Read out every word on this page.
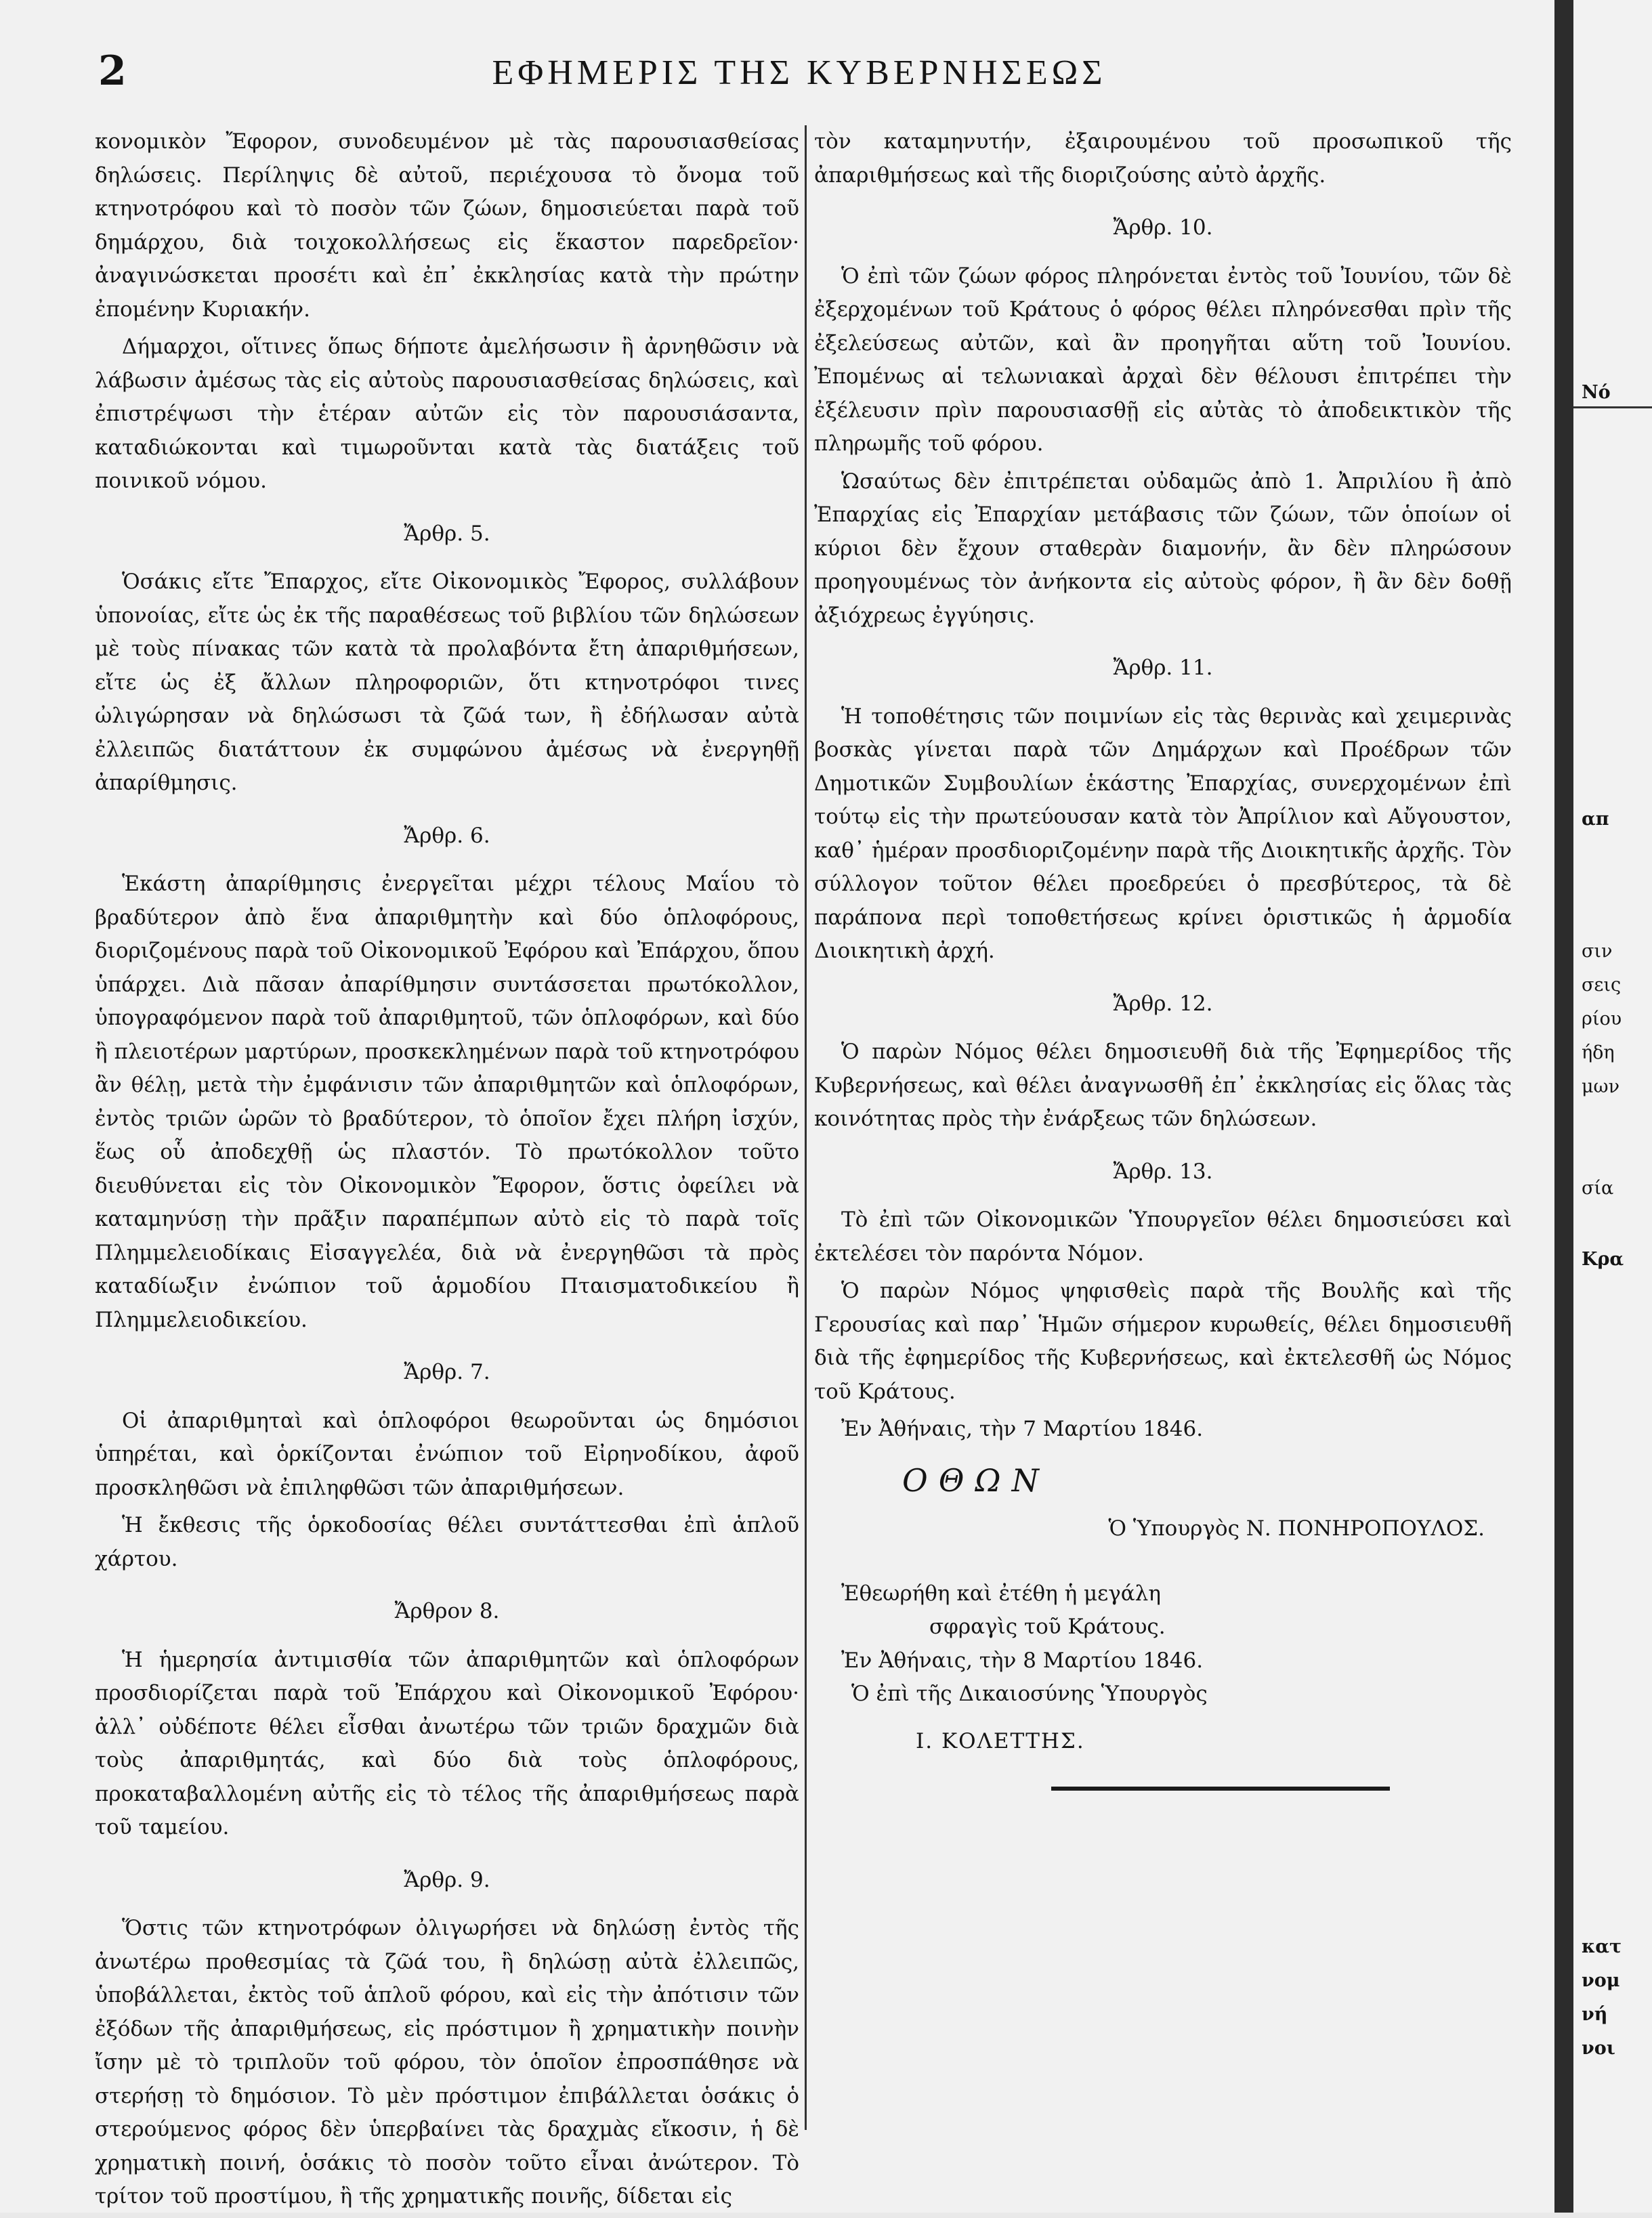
2	ΕΦΗΜΕΡΙΣ ΤΗΣ ΚΥΒΕΡΝΗΣΕΩΣ

κονομικὸν Ἔφορον, συνοδευμένον μὲ τὰς παρουσιασθείσας δηλώσεις. Περίληψις δὲ αὐτοῦ, περιέχουσα τὸ ὄνομα τοῦ κτηνοτρόφου καὶ τὸ ποσὸν τῶν ζώων, δημοσιεύεται παρὰ τοῦ δημάρχου, διὰ τοιχοκολλήσεως εἰς ἕκαστον παρεδρεῖον· ἀναγινώσκεται προσέτι καὶ ἐπ᾽ ἐκκλησίας κατὰ τὴν πρώτην ἐπομένην Κυριακήν.

Δήμαρχοι, οἵτινες ὅπως δήποτε ἀμελήσωσιν ἢ ἀρνηθῶσιν νὰ λάβωσιν ἀμέσως τὰς εἰς αὐτοὺς παρουσιασθείσας δηλώσεις, καὶ ἐπιστρέψωσι τὴν ἑτέραν αὐτῶν εἰς τὸν παρουσιάσαντα, καταδιώκονται καὶ τιμωροῦνται κατὰ τὰς διατάξεις τοῦ ποινικοῦ νόμου.

Ἄρθρ. 5.

Ὁσάκις εἴτε Ἔπαρχος, εἴτε Οἰκονομικὸς Ἔφορος, συλλάβουν ὑπονοίας, εἴτε ὡς ἐκ τῆς παραθέσεως τοῦ βιβλίου τῶν δηλώσεων μὲ τοὺς πίνακας τῶν κατὰ τὰ προλαβόντα ἔτη ἀπαριθμήσεων, εἴτε ὡς ἐξ ἄλλων πληροφοριῶν, ὅτι κτηνοτρόφοι τινες ὠλιγώρησαν νὰ δηλώσωσι τὰ ζῶά των, ἢ ἐδήλωσαν αὐτὰ ἐλλειπῶς διατάττουν ἐκ συμφώνου ἀμέσως νὰ ἐνεργηθῇ ἀπαρίθμησις.

Ἄρθρ. 6.

Ἑκάστη ἀπαρίθμησις ἐνεργεῖται μέχρι τέλους Μαΐου τὸ βραδύτερον ἀπὸ ἕνα ἀπαριθμητὴν καὶ δύο ὁπλοφόρους, διοριζομένους παρὰ τοῦ Οἰκονομικοῦ Ἐφόρου καὶ Ἐπάρχου, ὅπου ὑπάρχει. Διὰ πᾶσαν ἀπαρίθμησιν συντάσσεται πρωτόκολλον, ὑπογραφόμενον παρὰ τοῦ ἀπαριθμητοῦ, τῶν ὁπλοφόρων, καὶ δύο ἢ πλειοτέρων μαρτύρων, προσκεκλημένων παρὰ τοῦ κτηνοτρόφου ἂν θέλῃ, μετὰ τὴν ἐμφάνισιν τῶν ἀπαριθμητῶν καὶ ὁπλοφόρων, ἐντὸς τριῶν ὡρῶν τὸ βραδύτερον, τὸ ὁποῖον ἔχει πλήρη ἰσχύν, ἕως οὗ ἀποδεχθῇ ὡς πλαστόν. Τὸ πρωτόκολλον τοῦτο διευθύνεται εἰς τὸν Οἰκονομικὸν Ἔφορον, ὅστις ὀφείλει νὰ καταμηνύσῃ τὴν πρᾶξιν παραπέμπων αὐτὸ εἰς τὸ παρὰ τοῖς Πλημμελειοδίκαις Εἰσαγγελέα, διὰ νὰ ἐνεργηθῶσι τὰ πρὸς καταδίωξιν ἐνώπιον τοῦ ἁρμοδίου Πταισματοδικείου ἢ Πλημμελειοδικείου.

Ἄρθρ. 7.

Οἱ ἀπαριθμηταὶ καὶ ὁπλοφόροι θεωροῦνται ὡς δημόσιοι ὑπηρέται, καὶ ὁρκίζονται ἐνώπιον τοῦ Εἰρηνοδίκου, ἀφοῦ προσκληθῶσι νὰ ἐπιληφθῶσι τῶν ἀπαριθμήσεων.

Ἡ ἔκθεσις τῆς ὁρκοδοσίας θέλει συντάττεσθαι ἐπὶ ἁπλοῦ χάρτου.

Ἄρθρον 8.

Ἡ ἡμερησία ἀντιμισθία τῶν ἀπαριθμητῶν καὶ ὁπλοφόρων προσδιορίζεται παρὰ τοῦ Ἐπάρχου καὶ Οἰκονομικοῦ Ἐφόρου· ἀλλ᾽ οὐδέποτε θέλει εἶσθαι ἀνωτέρω τῶν τριῶν δραχμῶν διὰ τοὺς ἀπαριθμητάς, καὶ δύο διὰ τοὺς ὁπλοφόρους, προκαταβαλλομένη αὐτῆς εἰς τὸ τέλος τῆς ἀπαριθμήσεως παρὰ τοῦ ταμείου.

Ἄρθρ. 9.

Ὅστις τῶν κτηνοτρόφων ὀλιγωρήσει νὰ δηλώσῃ ἐντὸς τῆς ἀνωτέρω προθεσμίας τὰ ζῶά του, ἢ δηλώσῃ αὐτὰ ἐλλειπῶς, ὑποβάλλεται, ἐκτὸς τοῦ ἁπλοῦ φόρου, καὶ εἰς τὴν ἀπότισιν τῶν ἐξόδων τῆς ἀπαριθμήσεως, εἰς πρόστιμον ἢ χρηματικὴν ποινὴν ἴσην μὲ τὸ τριπλοῦν τοῦ φόρου, τὸν ὁποῖον ἐπροσπάθησε νὰ στερήσῃ τὸ δημόσιον. Τὸ μὲν πρόστιμον ἐπιβάλλεται ὁσάκις ὁ στερούμενος φόρος δὲν ὑπερβαίνει τὰς δραχμὰς εἴκοσιν, ἡ δὲ χρηματικὴ ποινή, ὁσάκις τὸ ποσὸν τοῦτο εἶναι ἀνώτερον. Τὸ τρίτον τοῦ προστίμου, ἢ τῆς χρηματικῆς ποινῆς, δίδεται εἰς

τὸν καταμηνυτήν, ἐξαιρουμένου τοῦ προσωπικοῦ τῆς ἀπαριθμήσεως καὶ τῆς διοριζούσης αὐτὸ ἀρχῆς.

Ἄρθρ. 10.

Ὁ ἐπὶ τῶν ζώων φόρος πληρόνεται ἐντὸς τοῦ Ἰουνίου, τῶν δὲ ἐξερχομένων τοῦ Κράτους ὁ φόρος θέλει πληρόνεσθαι πρὶν τῆς ἐξελεύσεως αὐτῶν, καὶ ἂν προηγῆται αὕτη τοῦ Ἰουνίου. Ἐπομένως αἱ τελωνιακαὶ ἀρχαὶ δὲν θέλουσι ἐπιτρέπει τὴν ἐξέλευσιν πρὶν παρουσιασθῇ εἰς αὐτὰς τὸ ἀποδεικτικὸν τῆς πληρωμῆς τοῦ φόρου.

Ὡσαύτως δὲν ἐπιτρέπεται οὐδαμῶς ἀπὸ 1. Ἀπριλίου ἢ ἀπὸ Ἐπαρχίας εἰς Ἐπαρχίαν μετάβασις τῶν ζώων, τῶν ὁποίων οἱ κύριοι δὲν ἔχουν σταθερὰν διαμονήν, ἂν δὲν πληρώσουν προηγουμένως τὸν ἀνήκοντα εἰς αὐτοὺς φόρον, ἢ ἂν δὲν δοθῇ ἀξιόχρεως ἐγγύησις.

Ἄρθρ. 11.

Ἡ τοποθέτησις τῶν ποιμνίων εἰς τὰς θερινὰς καὶ χειμερινὰς βοσκὰς γίνεται παρὰ τῶν Δημάρχων καὶ Προέδρων τῶν Δημοτικῶν Συμβουλίων ἑκάστης Ἐπαρχίας, συνερχομένων ἐπὶ τούτῳ εἰς τὴν πρωτεύουσαν κατὰ τὸν Ἀπρίλιον καὶ Αὔγουστον, καθ᾽ ἡμέραν προσδιοριζομένην παρὰ τῆς Διοικητικῆς ἀρχῆς. Τὸν σύλλογον τοῦτον θέλει προεδρεύει ὁ πρεσβύτερος, τὰ δὲ παράπονα περὶ τοποθετήσεως κρίνει ὁριστικῶς ἡ ἁρμοδία Διοικητικὴ ἀρχή.

Ἄρθρ. 12.

Ὁ παρὼν Νόμος θέλει δημοσιευθῆ διὰ τῆς Ἐφημερίδος τῆς Κυβερνήσεως, καὶ θέλει ἀναγνωσθῆ ἐπ᾽ ἐκκλησίας εἰς ὅλας τὰς κοινότητας πρὸς τὴν ἐνάρξεως τῶν δηλώσεων.

Ἄρθρ. 13.

Τὸ ἐπὶ τῶν Οἰκονομικῶν Ὑπουργεῖον θέλει δημοσιεύσει καὶ ἐκτελέσει τὸν παρόντα Νόμον.

Ὁ παρὼν Νόμος ψηφισθεὶς παρὰ τῆς Βουλῆς καὶ τῆς Γερουσίας καὶ παρ᾽ Ἡμῶν σήμερον κυρωθείς, θέλει δημοσιευθῆ διὰ τῆς ἐφημερίδος τῆς Κυβερνήσεως, καὶ ἐκτελεσθῆ ὡς Νόμος τοῦ Κράτους.

Ἐν Ἀθήναις, τὴν 7 Μαρτίου 1846.

ΟΘΩΝ
Ὁ Ὑπουργὸς Ν. ΠΟΝΗΡΟΠΟΥΛΟΣ.
Ἐθεωρήθη καὶ ἐτέθη ἡ μεγάλη
σφραγὶς τοῦ Κράτους.
Ἐν Ἀθήναις, τὴν 8 Μαρτίου 1846.
Ὁ ἐπὶ τῆς Δικαιοσύνης Ὑπουργὸς
Ι. ΚΟΛΕΤΤΗΣ.
Νό
απ
σιν
σεις
ρίου
ήδη
μων
σία
Κρα
κατ
νομ
νή
νοι
